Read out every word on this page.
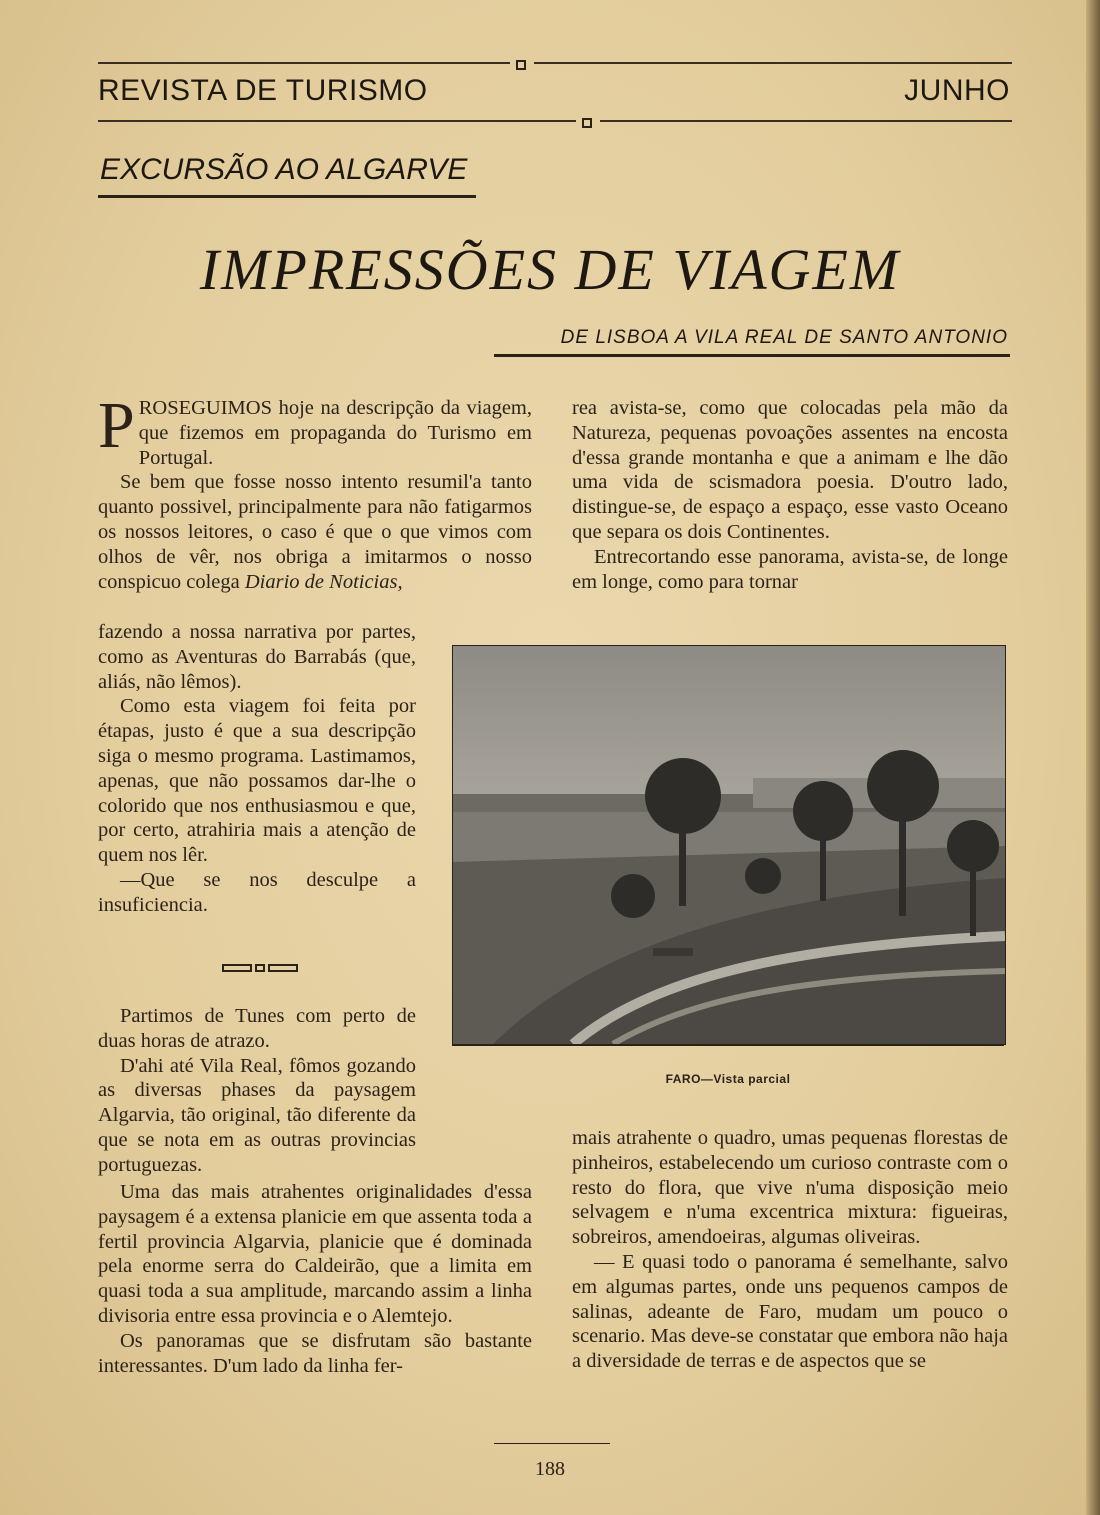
REVISTA DE TURISMO	JUNHO
EXCURSÃO AO ALGARVE
IMPRESSÕES DE VIAGEM
DE LISBOA A VILA REAL DE SANTO ANTONIO

PROSEGUIMOS hoje na descripção da viagem, que fizemos em propaganda do Turismo em Portugal.

Se bem que fosse nosso intento resumil'a tanto quanto possivel, principalmente para não fatigarmos os nossos leitores, o caso é que o que vimos com olhos de vêr, nos obriga a imitarmos o nosso conspicuo colega Diario de Noticias,

fazendo a nossa narrativa por partes, como as Aventuras do Barrabás (que, aliás, não lêmos).

Como esta viagem foi feita por étapas, justo é que a sua descripção siga o mesmo programa. Lastimamos, apenas, que não possamos dar-lhe o colorido que nos enthusiasmou e que, por certo, atrahiria mais a atenção de quem nos lêr.

—Que se nos desculpe a insuficiencia.

Partimos de Tunes com perto de duas horas de atrazo.

D'ahi até Vila Real, fômos gozando as diversas phases da paysagem Algarvia, tão original, tão diferente da que se nota em as outras provincias portuguezas.

Uma das mais atrahentes originalidades d'essa paysagem é a extensa planicie em que assenta toda a fertil provincia Algarvia, planicie que é dominada pela enorme serra do Caldeirão, que a limita em quasi toda a sua amplitude, marcando assim a linha divisoria entre essa provincia e o Alemtejo.

Os panoramas que se disfrutam são bastante interessantes. D'um lado da linha fer-

rea avista-se, como que colocadas pela mão da Natureza, pequenas povoações assentes na encosta d'essa grande montanha e que a animam e lhe dão uma vida de scismadora poesia. D'outro lado, distingue-se, de espaço a espaço, esse vasto Oceano que separa os dois Continentes.

Entrecortando esse panorama, avista-se, de longe em longe, como para tornar

FARO—Vista parcial

mais atrahente o quadro, umas pequenas florestas de pinheiros, estabelecendo um curioso contraste com o resto do flora, que vive n'uma disposição meio selvagem e n'uma excentrica mixtura: figueiras, sobreiros, amendoeiras, algumas oliveiras.

— E quasi todo o panorama é semelhante, salvo em algumas partes, onde uns pequenos campos de salinas, adeante de Faro, mudam um pouco o scenario. Mas deve-se constatar que embora não haja a diversidade de terras e de aspectos que se

188
